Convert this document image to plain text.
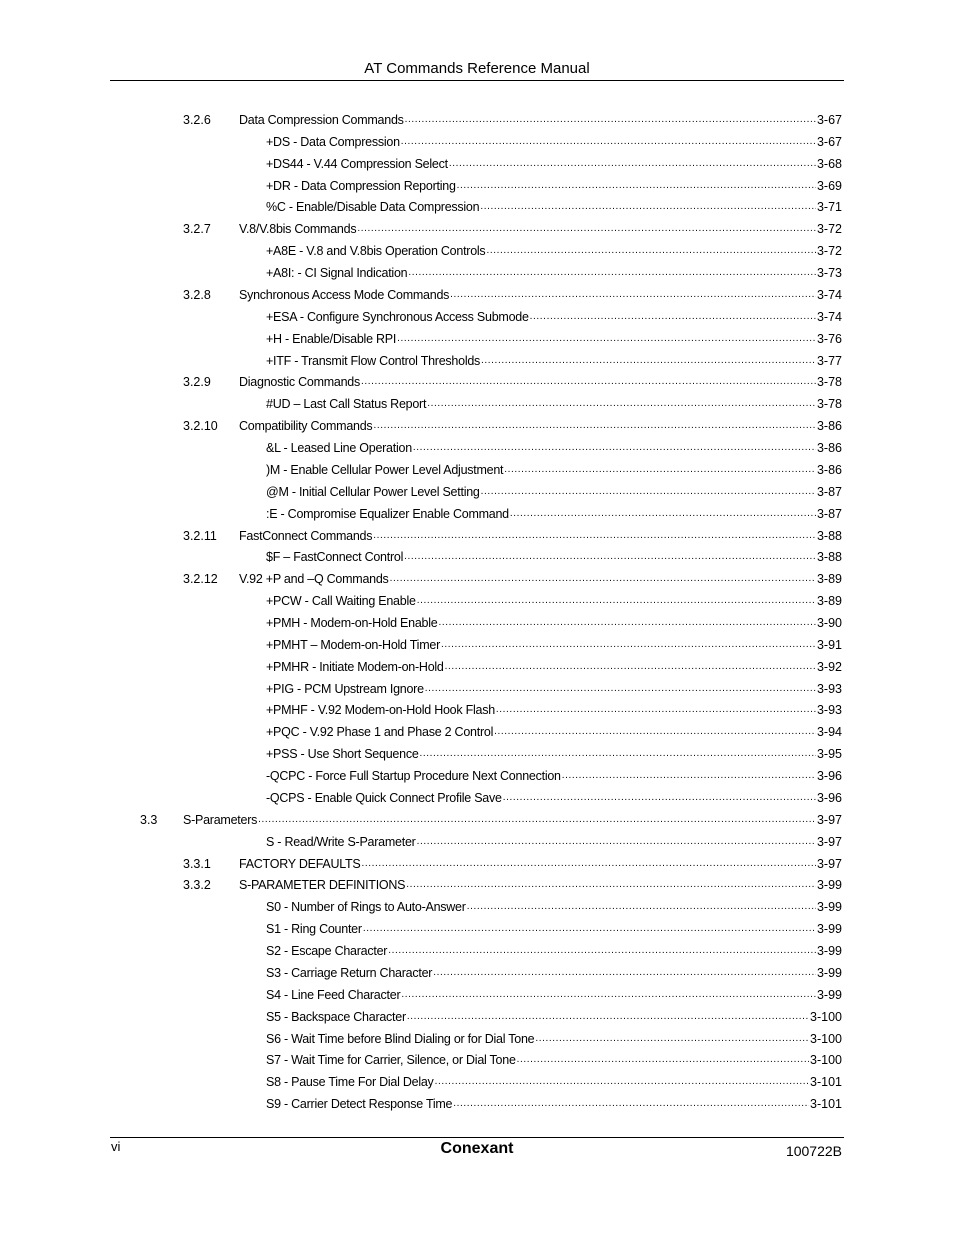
AT Commands Reference Manual
3.2.6 Data Compression Commands .....	3-67
+DS - Data Compression .....	3-67
+DS44 - V.44 Compression Select .....	3-68
+DR - Data Compression Reporting .....	3-69
%C - Enable/Disable Data Compression .....	3-71
3.2.7 V.8/V.8bis Commands .....	3-72
+A8E - V.8 and V.8bis Operation Controls .....	3-72
+A8I: - CI Signal Indication .....	3-73
3.2.8 Synchronous Access Mode Commands .....	3-74
+ESA - Configure Synchronous Access Submode .....	3-74
+H - Enable/Disable RPI .....	3-76
+ITF - Transmit Flow Control Thresholds .....	3-77
3.2.9 Diagnostic Commands .....	3-78
#UD – Last Call Status Report .....	3-78
3.2.10 Compatibility Commands .....	3-86
&L - Leased Line Operation .....	3-86
)M - Enable Cellular Power Level Adjustment .....	3-86
@M - Initial Cellular Power Level Setting .....	3-87
:E - Compromise Equalizer Enable Command .....	3-87
3.2.11 FastConnect Commands .....	3-88
$F – FastConnect Control .....	3-88
3.2.12 V.92 +P and –Q Commands .....	3-89
+PCW - Call Waiting Enable .....	3-89
+PMH - Modem-on-Hold Enable .....	3-90
+PMHT – Modem-on-Hold Timer .....	3-91
+PMHR - Initiate Modem-on-Hold .....	3-92
+PIG - PCM Upstream Ignore .....	3-93
+PMHF - V.92 Modem-on-Hold Hook Flash .....	3-93
+PQC - V.92 Phase 1 and Phase 2 Control .....	3-94
+PSS - Use Short Sequence .....	3-95
-QCPC - Force Full Startup Procedure Next Connection .....	3-96
-QCPS - Enable Quick Connect Profile Save .....	3-96
3.3 S-Parameters .....	3-97
S - Read/Write S-Parameter .....	3-97
3.3.1 FACTORY DEFAULTS .....	3-97
3.3.2 S-PARAMETER DEFINITIONS .....	3-99
S0 - Number of Rings to Auto-Answer .....	3-99
S1 - Ring Counter .....	3-99
S2 - Escape Character .....	3-99
S3 - Carriage Return Character .....	3-99
S4 - Line Feed Character .....	3-99
S5 - Backspace Character .....	3-100
S6 - Wait Time before Blind Dialing or for Dial Tone .....	3-100
S7 - Wait Time for Carrier, Silence, or Dial Tone .....	3-100
S8 - Pause Time For Dial Delay .....	3-101
S9 - Carrier Detect Response Time .....	3-101
vi	Conexant	100722B
